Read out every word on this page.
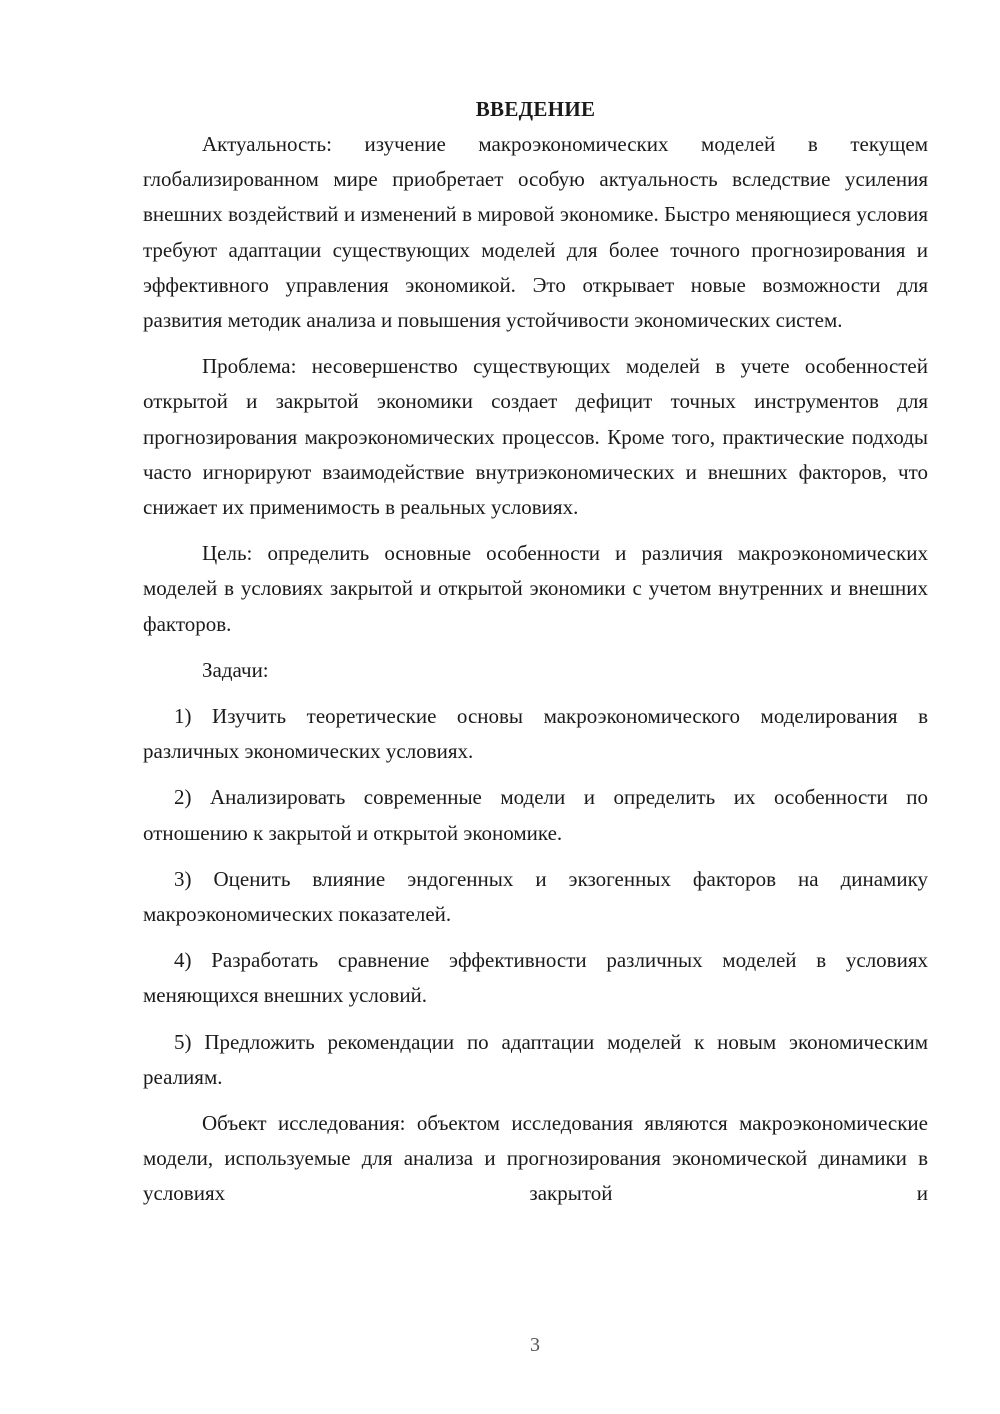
ВВЕДЕНИЕ

Актуальность: изучение макроэкономических моделей в текущем глобализированном мире приобретает особую актуальность вследствие усиления внешних воздействий и изменений в мировой экономике. Быстро меняющиеся условия требуют адаптации существующих моделей для более точного прогнозирования и эффективного управления экономикой. Это открывает новые возможности для развития методик анализа и повышения устойчивости экономических систем.

Проблема: несовершенство существующих моделей в учете особенностей открытой и закрытой экономики создает дефицит точных инструментов для прогнозирования макроэкономических процессов. Кроме того, практические подходы часто игнорируют взаимодействие внутриэкономических и внешних факторов, что снижает их применимость в реальных условиях.

Цель: определить основные особенности и различия макроэкономических моделей в условиях закрытой и открытой экономики с учетом внутренних и внешних факторов.

Задачи:

1) Изучить теоретические основы макроэкономического моделирования в различных экономических условиях.

2) Анализировать современные модели и определить их особенности по отношению к закрытой и открытой экономике.

3) Оценить влияние эндогенных и экзогенных факторов на динамику макроэкономических показателей.

4) Разработать сравнение эффективности различных моделей в условиях меняющихся внешних условий.

5) Предложить рекомендации по адаптации моделей к новым экономическим реалиям.

Объект исследования: объектом исследования являются макроэкономические модели, используемые для анализа и прогнозирования экономической динамики в условиях закрытой и

3
